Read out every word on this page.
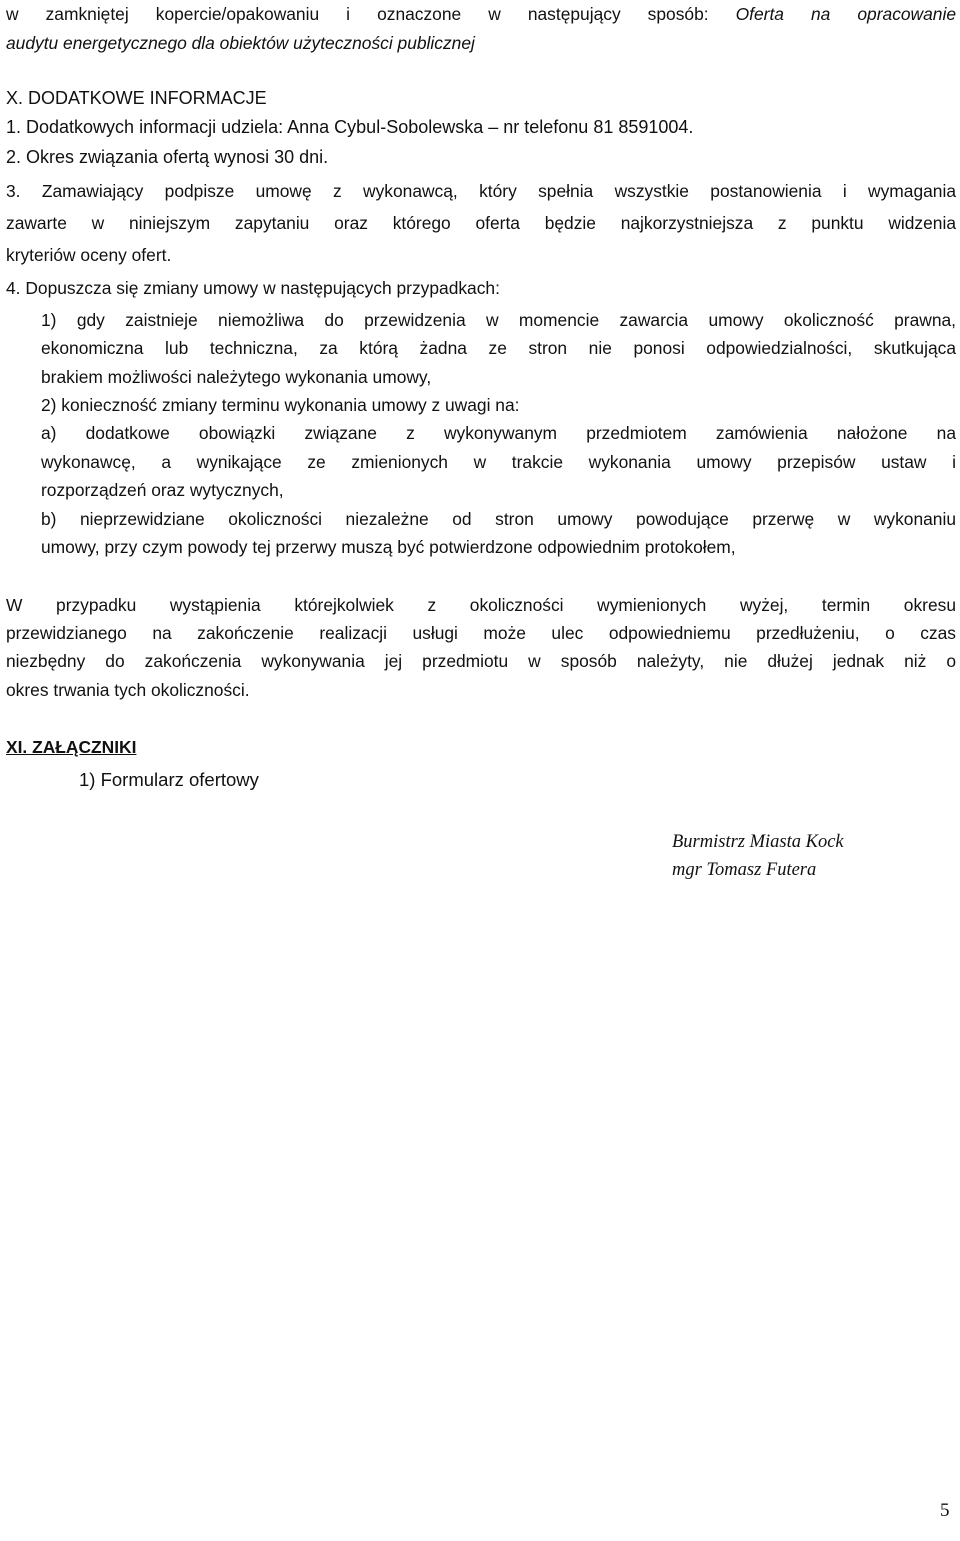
w zamkniętej kopercie/opakowaniu i oznaczone w następujący sposób: Oferta na opracowanie
audytu energetycznego dla obiektów użyteczności publicznej
X. DODATKOWE INFORMACJE
1. Dodatkowych informacji udziela: Anna Cybul-Sobolewska – nr telefonu 81 8591004.
2. Okres związania ofertą wynosi 30 dni.
3. Zamawiający podpisze umowę z wykonawcą, który spełnia wszystkie postanowienia i wymagania
zawarte w niniejszym zapytaniu oraz którego oferta będzie najkorzystniejsza z punktu widzenia
kryteriów oceny ofert.
4. Dopuszcza się zmiany umowy w następujących przypadkach:
1) gdy zaistnieje niemożliwa do przewidzenia w momencie zawarcia umowy okoliczność prawna,
ekonomiczna lub techniczna, za którą żadna ze stron nie ponosi odpowiedzialności, skutkująca
brakiem możliwości należytego wykonania umowy,
2) konieczność zmiany terminu wykonania umowy z uwagi na:
a) dodatkowe obowiązki związane z wykonywanym przedmiotem zamówienia nałożone na
wykonawcę, a wynikające ze zmienionych w trakcie wykonania umowy przepisów ustaw i
rozporządzeń oraz wytycznych,
b) nieprzewidziane okoliczności niezależne od stron umowy powodujące przerwę w wykonaniu
umowy, przy czym powody tej przerwy muszą być potwierdzone odpowiednim protokołem,
W przypadku wystąpienia którejkolwiek z okoliczności wymienionych wyżej, termin okresu
przewidzianego na zakończenie realizacji usługi może ulec odpowiedniemu przedłużeniu, o czas
niezbędny do zakończenia wykonywania jej przedmiotu w sposób należyty, nie dłużej jednak niż o
okres trwania tych okoliczności.
XI. ZAŁĄCZNIKI
1) Formularz ofertowy
Burmistrz Miasta Kock
mgr Tomasz Futera
5
